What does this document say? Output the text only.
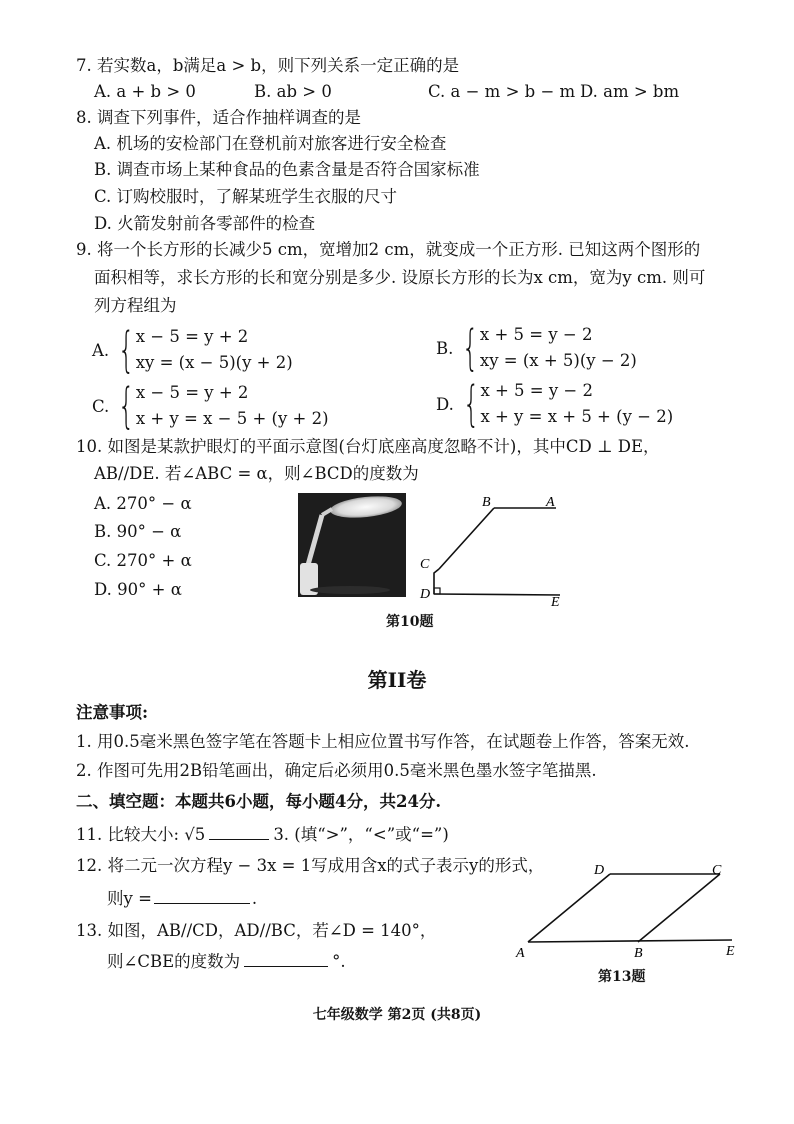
7. 若实数a，b满足a > b，则下列关系一定正确的是
A. a + b > 0	B. ab > 0	C. a − m > b − m D. am > bm
8. 调查下列事件，适合作抽样调查的是
A. 机场的安检部门在登机前对旅客进行安全检查
B. 调查市场上某种食品的色素含量是否符合国家标准
C. 订购校服时，了解某班学生衣服的尺寸
D. 火箭发射前各零部件的检查
9. 将一个长方形的长减少5 cm，宽增加2 cm，就变成一个正方形. 已知这两个图形的
面积相等，求长方形的长和宽分别是多少. 设原长方形的长为x cm，宽为y cm. 则可
列方程组为
A. { x − 5 = y + 2
xy = (x − 5)(y + 2)
B. { x + 5 = y − 2
xy = (x + 5)(y − 2)
C. { x − 5 = y + 2
x + y = x − 5 + (y + 2)
D. { x + 5 = y − 2
x + y = x + 5 + (y − 2)
10. 如图是某款护眼灯的平面示意图(台灯底座高度忽略不计)，其中CD ⊥ DE，
AB//DE. 若∠ABC = α，则∠BCD的度数为
A. 270° − α
B. 90° − α
C. 270° + α
D. 90° + α
B	A
C
D
E
第10题
第II卷
注意事项:
1. 用0.5毫米黑色签字笔在答题卡上相应位置书写作答，在试题卷上作答，答案无效.
2. 作图可先用2B铅笔画出，确定后必须用0.5毫米黑色墨水签字笔描黑.
二、填空题：本题共6小题，每小题4分，共24分.
11. 比较大小: √5	3. (填“>”，“<”或“=”)
12. 将二元一次方程y − 3x = 1写成用含x的式子表示y的形式，
则y =	.
13. 如图，AB//CD，AD//BC，若∠D = 140°，
则∠CBE的度数为	°.
D	C
A	B	E
第13题
七年级数学 第2页 (共8页)
